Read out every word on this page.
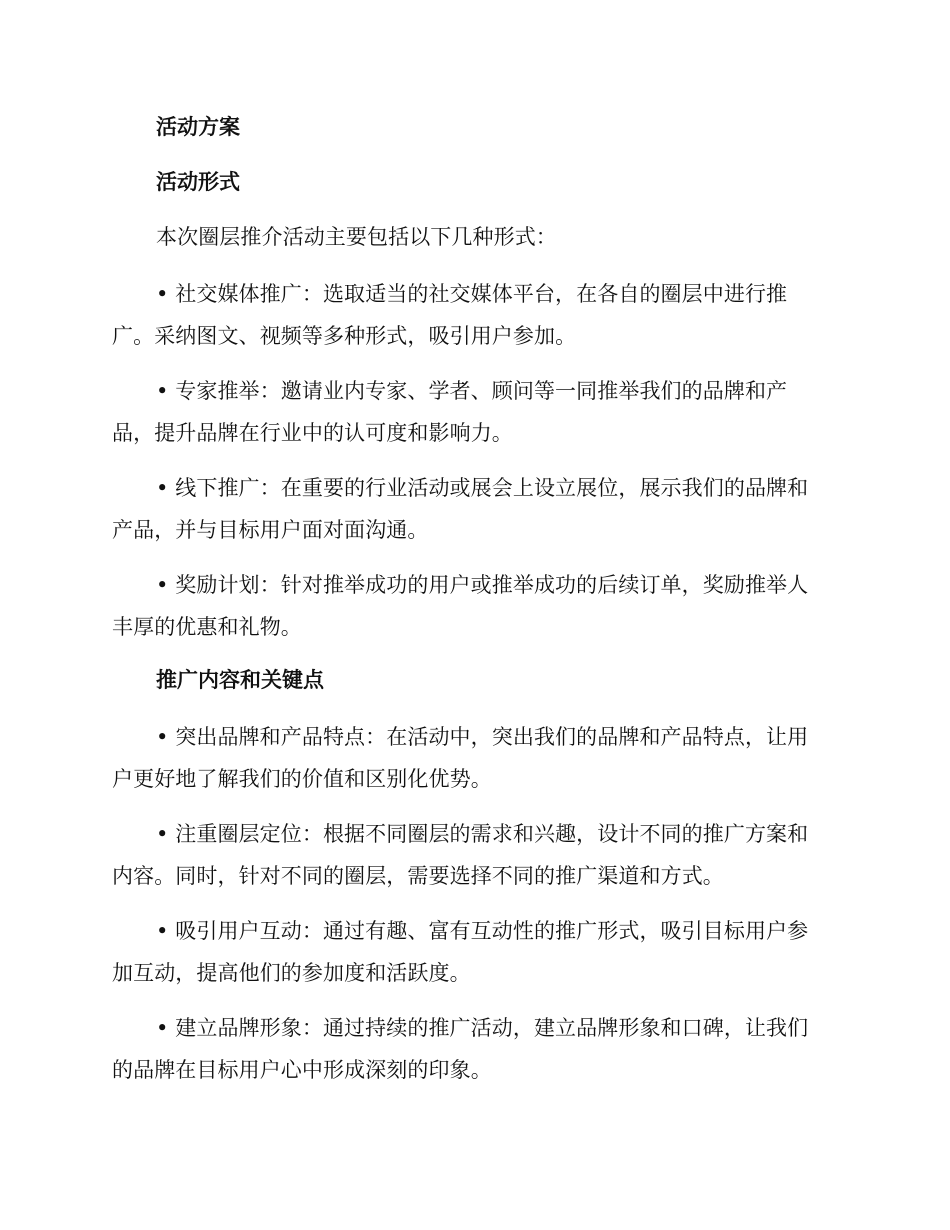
活动方案
活动形式

本次圈层推介活动主要包括以下几种形式：

• 社交媒体推广：选取适当的社交媒体平台，在各自的圈层中进行推广。采纳图文、视频等多种形式，吸引用户参加。

• 专家推举：邀请业内专家、学者、顾问等一同推举我们的品牌和产品，提升品牌在行业中的认可度和影响力。

• 线下推广：在重要的行业活动或展会上设立展位，展示我们的品牌和产品，并与目标用户面对面沟通。

• 奖励计划：针对推举成功的用户或推举成功的后续订单，奖励推举人丰厚的优惠和礼物。

推广内容和关键点

• 突出品牌和产品特点：在活动中，突出我们的品牌和产品特点，让用户更好地了解我们的价值和区别化优势。

• 注重圈层定位：根据不同圈层的需求和兴趣，设计不同的推广方案和内容。同时，针对不同的圈层，需要选择不同的推广渠道和方式。

• 吸引用户互动：通过有趣、富有互动性的推广形式，吸引目标用户参加互动，提高他们的参加度和活跃度。

• 建立品牌形象：通过持续的推广活动，建立品牌形象和口碑，让我们的品牌在目标用户心中形成深刻的印象。
